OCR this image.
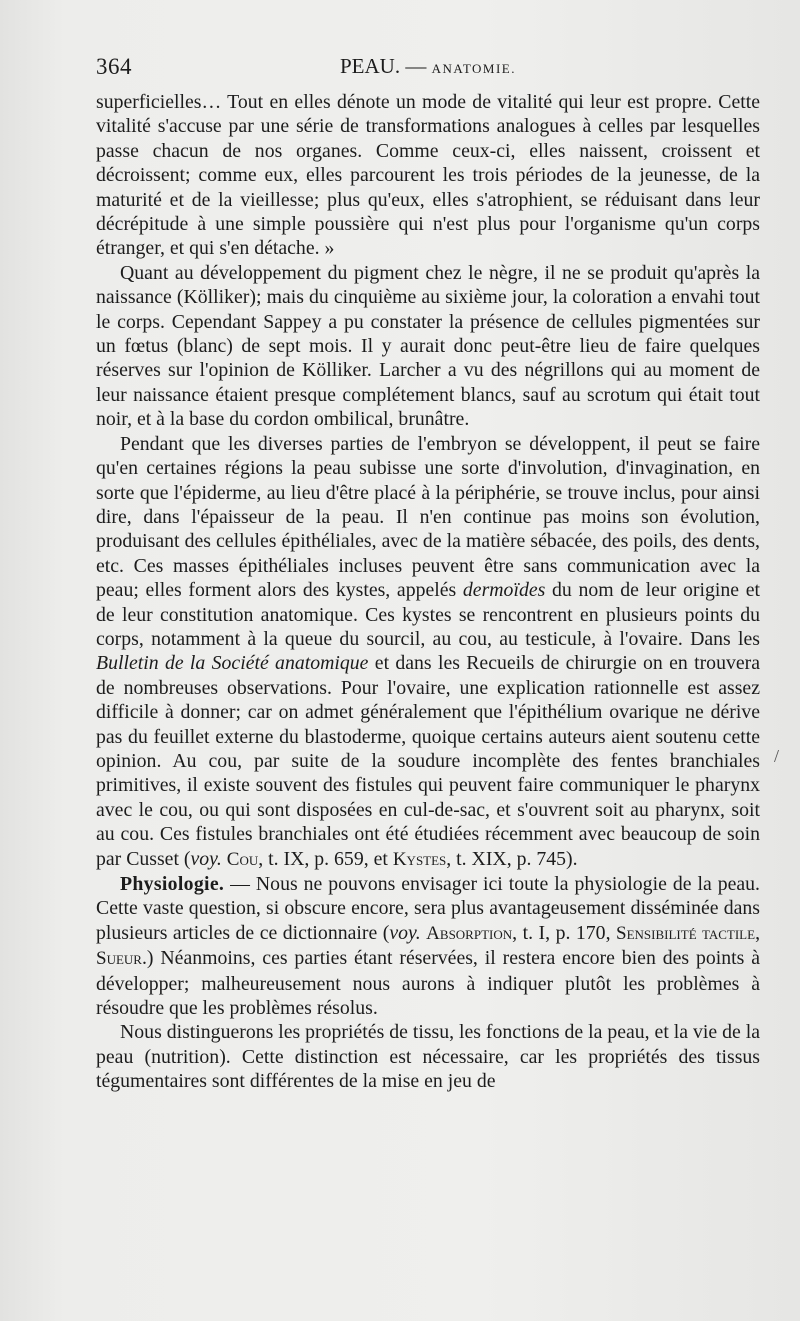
364	PEAU. — ANATOMIE.

superficielles… Tout en elles dénote un mode de vitalité qui leur est propre. Cette vitalité s'accuse par une série de transformations analogues à celles par lesquelles passe chacun de nos organes. Comme ceux-ci, elles naissent, croissent et décroissent; comme eux, elles parcourent les trois périodes de la jeunesse, de la maturité et de la vieillesse; plus qu'eux, elles s'atrophient, se réduisant dans leur décrépitude à une simple poussière qui n'est plus pour l'organisme qu'un corps étranger, et qui s'en détache. »

Quant au développement du pigment chez le nègre, il ne se produit qu'après la naissance (Kölliker); mais du cinquième au sixième jour, la coloration a envahi tout le corps. Cependant Sappey a pu constater la présence de cellules pigmentées sur un fœtus (blanc) de sept mois. Il y aurait donc peut-être lieu de faire quelques réserves sur l'opinion de Kölliker. Larcher a vu des négrillons qui au moment de leur naissance étaient presque complétement blancs, sauf au scrotum qui était tout noir, et à la base du cordon ombilical, brunâtre.

Pendant que les diverses parties de l'embryon se développent, il peut se faire qu'en certaines régions la peau subisse une sorte d'involution, d'invagination, en sorte que l'épiderme, au lieu d'être placé à la périphérie, se trouve inclus, pour ainsi dire, dans l'épaisseur de la peau. Il n'en continue pas moins son évolution, produisant des cellules épithéliales, avec de la matière sébacée, des poils, des dents, etc. Ces masses épithéliales incluses peuvent être sans communication avec la peau; elles forment alors des kystes, appelés dermoïdes du nom de leur origine et de leur constitution anatomique. Ces kystes se rencontrent en plusieurs points du corps, notamment à la queue du sourcil, au cou, au testicule, à l'ovaire. Dans les Bulletin de la Société anatomique et dans les Recueils de chirurgie on en trouvera de nombreuses observations. Pour l'ovaire, une explication rationnelle est assez difficile à donner; car on admet généralement que l'épithélium ovarique ne dérive pas du feuillet externe du blastoderme, quoique certains auteurs aient soutenu cette opinion. Au cou, par suite de la soudure incomplète des fentes branchiales primitives, il existe souvent des fistules qui peuvent faire communiquer le pharynx avec le cou, ou qui sont disposées en cul-de-sac, et s'ouvrent soit au pharynx, soit au cou. Ces fistules branchiales ont été étudiées récemment avec beaucoup de soin par Cusset (voy. Cou, t. IX, p. 659, et Kystes, t. XIX, p. 745).

Physiologie. — Nous ne pouvons envisager ici toute la physiologie de la peau. Cette vaste question, si obscure encore, sera plus avantageusement disséminée dans plusieurs articles de ce dictionnaire (voy. Absorption, t. I, p. 170, Sensibilité tactile, Sueur.) Néanmoins, ces parties étant réservées, il restera encore bien des points à développer; malheureusement nous aurons à indiquer plutôt les problèmes à résoudre que les problèmes résolus.

Nous distinguerons les propriétés de tissu, les fonctions de la peau, et la vie de la peau (nutrition). Cette distinction est nécessaire, car les propriétés des tissus tégumentaires sont différentes de la mise en jeu de

/
